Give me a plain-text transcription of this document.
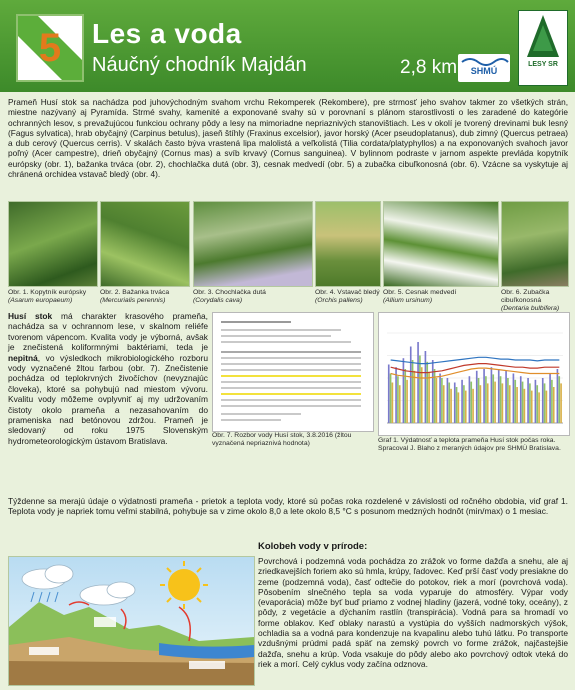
5	Les a voda
Náučný chodník Majdán	2,8 km	SHMÚ
LESY SR

Prameň Husí stok sa nachádza pod juhovýchodným svahom vrchu Rekomperek (Rekombere), pre strmosť jeho svahov takmer zo všetkých strán, miestne nazývaný aj Pyramída. Strmé svahy, kamenité a exponované svahy sú v porovnaní s plánom starostlivosti o les zaradené do kategórie ochranných lesov, s prevažujúcou funkciou ochrany pôdy a lesy na mimoriadne nepriaznivých stanovištiach. Les v okolí je tvorený drevinami buk lesný (Fagus sylvatica), hrab obyčajný (Carpinus betulus), jaseň štíhly (Fraxinus excelsior), javor horský (Acer pseudoplatanus), dub zimný (Quercus petraea) a dub cerový (Quercus cerris). V skalách často býva vrastená lipa malolistá a veľkolistá (Tilia cordata/platyphyllos) a na exponovaných svahoch javor poľný (Acer campestre), drieň obyčajný (Cornus mas) a svíb krvavý (Cornus sanguinea). V bylinnom podraste v jarnom aspekte prevláda kopytník európsky (obr. 1), bažanka trváca (obr. 2), chochlačka dutá (obr. 3), cesnak medvedí (obr. 5) a zubačka cibuľkonosná (obr. 6). Vzácne sa vyskytuje aj chránená orchidea vstavač bledý (obr. 4).

Obr. 1. Kopytník európsky
(Asarum europaeum)
Obr. 2. Bažanka trváca
(Mercurialis perennis)
Obr. 3. Chochlačka dutá
(Corydalis cava)
Obr. 4. Vstavač bledý
(Orchis pallens)
Obr. 5. Cesnak medvedí
(Allium ursinum)
Obr. 6. Zubačka cibuľkonosná
(Dentaria bulbifera)

Husí stok má charakter krasového prameňa, nachádza sa v ochrannom lese, v skalnom reliéfe tvorenom vápencom. Kvalita vody je výborná, avšak je znečistená koliformnými baktériami, teda je nepitná, vo výsledkoch mikrobiologického rozboru vody vyznačené žltou farbou (obr. 7). Znečistenie pochádza od teplokrvných živočíchov (nevyznajúc človeka), ktoré sa pohybujú nad miestom vývoru. Kvalitu vody môžeme ovplyvniť aj my udržovaním čistoty okolo prameňa a nezasahovaním do prameniska nad betónovou zdržou. Prameň je sledovaný od roku 1975 Slovenským hydrometeorologickým ústavom Bratislava.

Týždenne sa merajú údaje o výdatnosti prameňa - prietok a teplota vody, ktoré sú počas roka rozdelené v závislosti od ročného obdobia, viď graf 1. Teplota vody je napriek tomu veľmi stabilná, pohybuje sa v zime okolo 8,0 a lete okolo 8,5 °C s posunom medzných hodnôt (min/max) o 1 mesiac.

Obr. 7. Rozbor vody Husí stok, 3.8.2016 (žltou vyznačená nepriaznivá hodnota)	Graf 1. Výdatnosť a teplota prameňa Husí stok počas roka. Spracoval J. Blaho z meraných údajov pre SHMÚ Bratislava.
Kolobeh vody v prírode:

Povrchová i podzemná voda pochádza zo zrážok vo forme dažďa a snehu, ale aj zriedkavejších foriem ako sú hmla, krúpy, ľadovec. Keď prší časť vody presiakne do zeme (podzemná voda), časť odtečie do potokov, riek a morí (povrchová voda). Pôsobením slnečného tepla sa voda vyparuje do atmosféry. Výpar vody (evaporácia) môže byť buď priamo z vodnej hladiny (jazerá, vodné toky, oceány), z pôdy, z vegetácie a dýchaním rastlín (transpirácia). Vodná para sa hromadí vo forme oblakov. Keď oblaky narastú a vystúpia do vyšších nadmorských výšok, ochladia sa a vodná para kondenzuje na kvapalinu alebo tuhú látku. Po transporte vzdušnými prúdmi padá späť na zemský povrch vo forme zrážok, najčastejšie dažďa, snehu a krúp. Voda vsakuje do pôdy alebo ako povrchový odtok vteká do riek a morí. Celý cyklus vody začína odznova.
